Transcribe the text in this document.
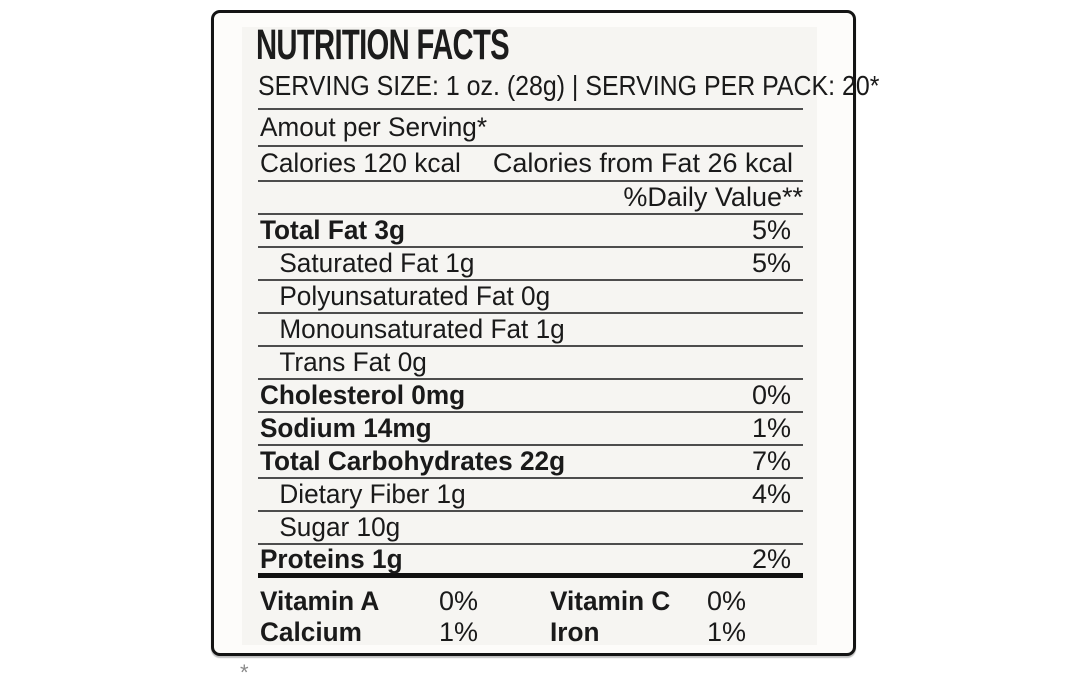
NUTRITION FACTS
SERVING SIZE: 1 oz. (28g) | SERVING PER PACK: 20*
Amout per Serving*
Calories 120 kcal Calories from Fat 26 kcal
%Daily Value**
Total Fat 3g	5%
Saturated Fat 1g	5%
Polyunsaturated Fat 0g
Monounsaturated Fat 1g
Trans Fat 0g
Cholesterol 0mg	0%
Sodium 14mg	1%
Total Carbohydrates 22g	7%
Dietary Fiber 1g	4%
Sugar 10g
Proteins 1g	2%
Vitamin A	0%	Vitamin C	0%
Calcium	1%	Iron	1%
*
